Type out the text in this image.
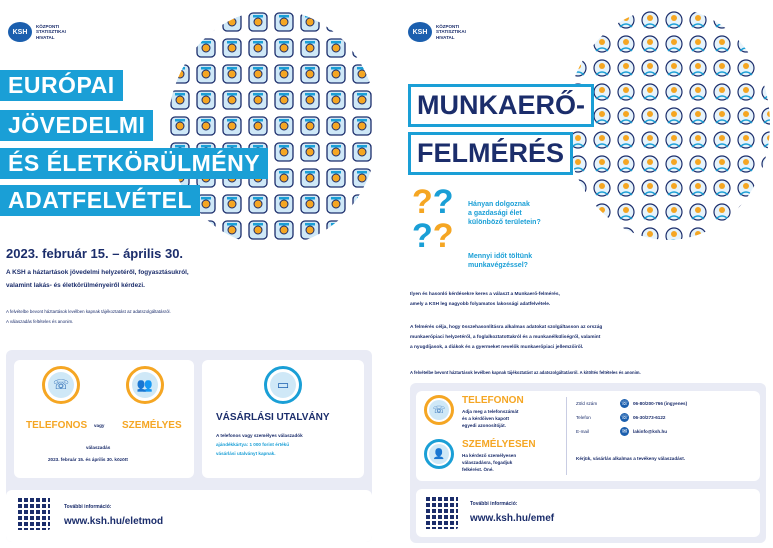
KSH
KÖZPONTI STATISZTIKAI HIVATAL
EURÓPAI
JÖVEDELMI
ÉS ÉLETKÖRÜLMÉNY
ADATFELVÉTEL
2023. február 15. – április 30.
A KSH a háztartások jövedelmi helyzetéről, fogyasztásukról,
valamint lakás- és életkörülményeiről kérdezi.
A felvételbe bevont háztartások levélben kapnak tájékoztatást az adatszolgáltatásról.
A válaszadás feltételes és anonim.
☏	👥
TELEFONOS vagy SZEMÉLYES
válaszadás
2023. február 15. és április 30. között
▭
VÁSÁRLÁSI UTALVÁNY
A telefonos vagy személyes válaszadók
ajándékkártya: 1 000 forint értékű
vásárlási utalványt kapnak.
További információ:
www.ksh.hu/eletmod
KSH
KÖZPONTI STATISZTIKAI HIVATAL
MUNKAERŐ-
FELMÉRÉS
??
??
Hányan dolgoznak
a gazdasági élet
különböző területein?
Mennyi időt töltünk
munkavégzéssel?
Ilyen és hasonló kérdésekre keres a választ a Munkaerő-felmérés,
amely a KSH leg nagyobb folyamatos lakossági adatfelvétele.
A felmérés célja, hogy összehasonlításra alkalmas adatokat szolgáltasson az ország
munkaerőpiaci helyzetéről, a foglalkoztatottakról és a munkanélküliségről, valamint
a nyugdíjasok, a diákok és a gyermeket nevelők munkaerőpiaci jellemzőiről.
A felvételbe bevont háztartások levélben kapnak tájékoztatást az adatszolgáltatásról. A kitöltés feltételes és anonim.
☏
TELEFONON
Adja meg a telefonszámát
és a kérdőíven kapott
egyedi azonosítóját.
👤
SZEMÉLYESEN
Ha kérdező személyesen
válaszadásra, fogadjuk
felkérést. Öné.
Zöld szám	☏ 06-80/200-766 (ingyenes)
Telefon	☏ 06-30/273-6122
E-mail	✉	lakinfo@ksh.hu
Kérjük, vásárlás alkalmas a tevékeny válaszadást.
További információ:
www.ksh.hu/emef
